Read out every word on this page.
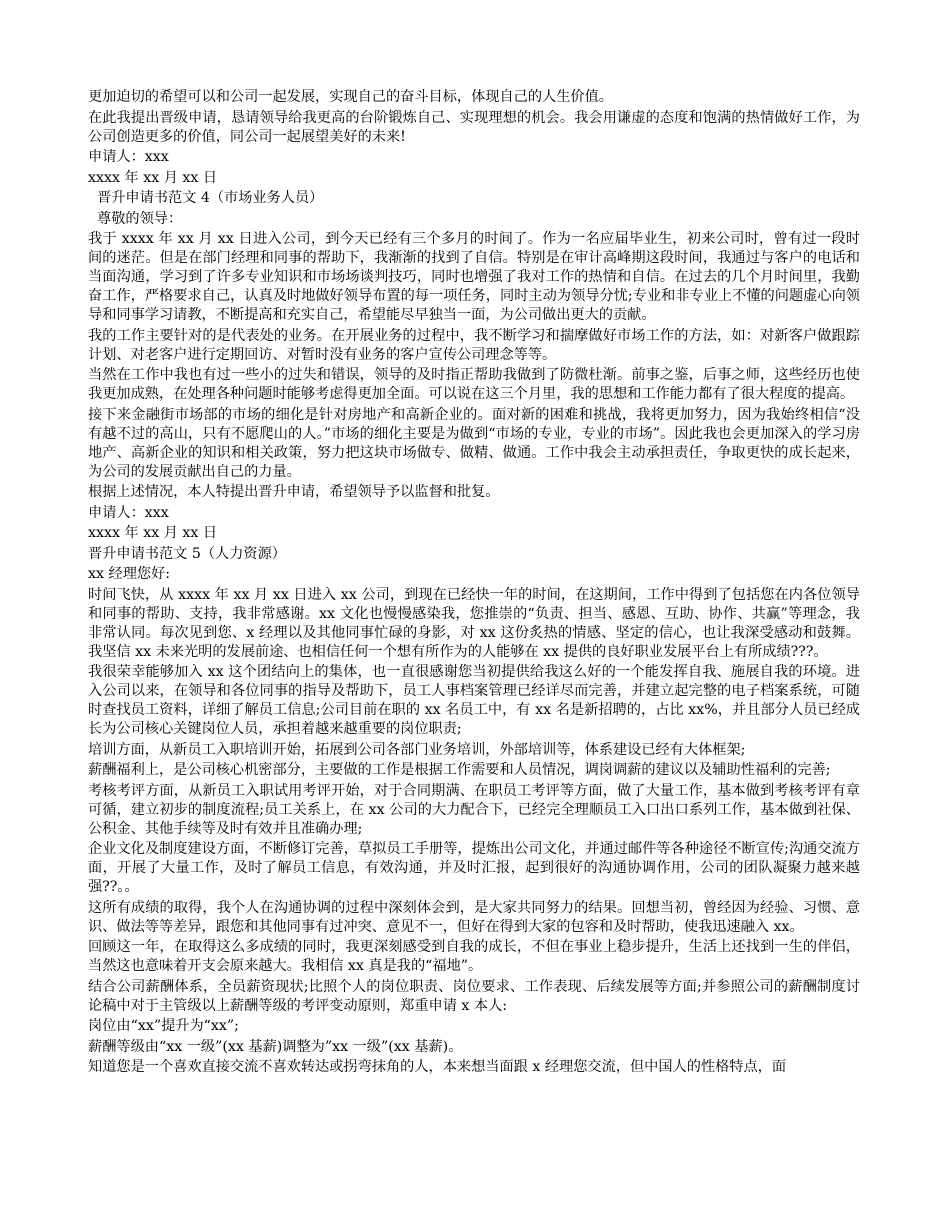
更加迫切的希望可以和公司一起发展，实现自己的奋斗目标，体现自己的人生价值。

在此我提出晋级申请，恳请领导给我更高的台阶锻炼自己、实现理想的机会。我会用谦虚的态度和饱满的热情做好工作，为公司创造更多的价值，同公司一起展望美好的未来!

申请人：xxx

xxxx 年 xx 月 xx 日

晋升申请书范文 4（市场业务人员）

尊敬的领导：

我于 xxxx 年 xx 月 xx 日进入公司，到今天已经有三个多月的时间了。作为一名应届毕业生，初来公司时，曾有过一段时间的迷茫。但是在部门经理和同事的帮助下，我渐渐的找到了自信。特别是在审计高峰期这段时间，我通过与客户的电话和当面沟通，学习到了许多专业知识和市场场谈判技巧，同时也增强了我对工作的热情和自信。在过去的几个月时间里，我勤奋工作，严格要求自己，认真及时地做好领导布置的每一项任务，同时主动为领导分忧;专业和非专业上不懂的问题虚心向领导和同事学习请教，不断提高和充实自己，希望能尽早独当一面，为公司做出更大的贡献。

我的工作主要针对的是代表处的业务。在开展业务的过程中，我不断学习和揣摩做好市场工作的方法，如：对新客户做跟踪计划、对老客户进行定期回访、对暂时没有业务的客户宣传公司理念等等。

当然在工作中我也有过一些小的过失和错误，领导的及时指正帮助我做到了防微杜渐。前事之鉴，后事之师，这些经历也使我更加成熟，在处理各种问题时能够考虑得更加全面。可以说在这三个月里，我的思想和工作能力都有了很大程度的提高。

接下来金融街市场部的市场的细化是针对房地产和高新企业的。面对新的困难和挑战，我将更加努力，因为我始终相信“没有越不过的高山，只有不愿爬山的人。”市场的细化主要是为做到“市场的专业，专业的市场”。因此我也会更加深入的学习房地产、高新企业的知识和相关政策，努力把这块市场做专、做精、做通。工作中我会主动承担责任，争取更快的成长起来，为公司的发展贡献出自己的力量。

根据上述情况，本人特提出晋升申请，希望领导予以监督和批复。

申请人：xxx

xxxx 年 xx 月 xx 日

晋升申请书范文 5（人力资源）

xx 经理您好:

时间飞快，从 xxxx 年 xx 月 xx 日进入 xx 公司，到现在已经快一年的时间，在这期间，工作中得到了包括您在内各位领导和同事的帮助、支持，我非常感谢。xx 文化也慢慢感染我，您推崇的“负责、担当、感恩、互助、协作、共赢”等理念，我非常认同。每次见到您、x 经理以及其他同事忙碌的身影，对 xx 这份炙热的情感、坚定的信心，也让我深受感动和鼓舞。我坚信 xx 未来光明的发展前途、也相信任何一个想有所作为的人能够在 xx 提供的良好职业发展平台上有所成绩???。

我很荣幸能够加入 xx 这个团结向上的集体，也一直很感谢您当初提供给我这么好的一个能发挥自我、施展自我的环境。进入公司以来，在领导和各位同事的指导及帮助下，员工人事档案管理已经详尽而完善，并建立起完整的电子档案系统，可随时查找员工资料，详细了解员工信息;公司目前在职的 xx 名员工中，有 xx 名是新招聘的，占比 xx%，并且部分人员已经成长为公司核心关键岗位人员，承担着越来越重要的岗位职责;

培训方面，从新员工入职培训开始，拓展到公司各部门业务培训，外部培训等，体系建设已经有大体框架;

薪酬福利上，是公司核心机密部分，主要做的工作是根据工作需要和人员情况，调岗调薪的建议以及辅助性福利的完善;

考核考评方面，从新员工入职试用考评开始，对于合同期满、在职员工考评等方面，做了大量工作，基本做到考核考评有章可循，建立初步的制度流程;员工关系上，在 xx 公司的大力配合下，已经完全理顺员工入口出口系列工作，基本做到社保、公积金、其他手续等及时有效并且准确办理;

企业文化及制度建设方面，不断修订完善，草拟员工手册等，提炼出公司文化，并通过邮件等各种途径不断宣传;沟通交流方面，开展了大量工作，及时了解员工信息，有效沟通，并及时汇报，起到很好的沟通协调作用，公司的团队凝聚力越来越强??。。

这所有成绩的取得，我个人在沟通协调的过程中深刻体会到，是大家共同努力的结果。回想当初，曾经因为经验、习惯、意识、做法等等差异，跟您和其他同事有过冲突、意见不一，但好在得到大家的包容和及时帮助，使我迅速融入 xx。

回顾这一年，在取得这么多成绩的同时，我更深刻感受到自我的成长，不但在事业上稳步提升，生活上还找到一生的伴侣，当然这也意味着开支会原来越大。我相信 xx 真是我的“福地”。

结合公司薪酬体系，全员薪资现状;比照个人的岗位职责、岗位要求、工作表现、后续发展等方面;并参照公司的薪酬制度讨论稿中对于主管级以上薪酬等级的考评变动原则，郑重申请 x 本人:

岗位由“xx”提升为“xx”;

薪酬等级由“xx 一级”(xx 基薪)调整为”xx 一级”(xx 基薪)。

知道您是一个喜欢直接交流不喜欢转达或拐弯抹角的人，本来想当面跟 x 经理您交流，但中国人的性格特点，面
